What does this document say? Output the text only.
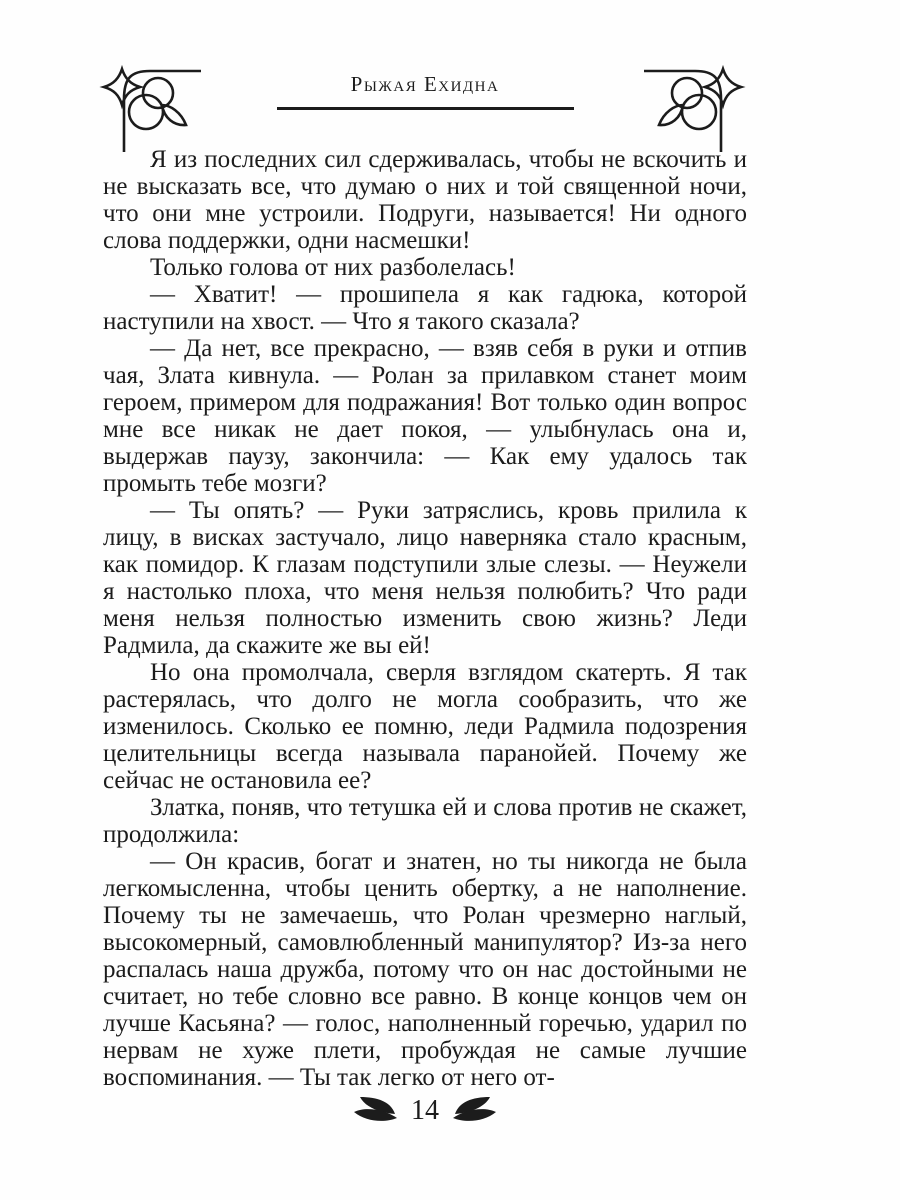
Рыжая Ехидна

Я из последних сил сдерживалась, чтобы не вскочить и не высказать все, что думаю о них и той священной ночи, что они мне устроили. Подруги, называется! Ни одного слова поддержки, одни насмешки!

Только голова от них разболелась!

— Хватит! — прошипела я как гадюка, которой наступили на хвост. — Что я такого сказала?

— Да нет, все прекрасно, — взяв себя в руки и отпив чая, Злата кивнула. — Ролан за прилавком станет моим героем, примером для подражания! Вот только один вопрос мне все никак не дает покоя, — улыбнулась она и, выдержав паузу, закончила: — Как ему удалось так промыть тебе мозги?

— Ты опять? — Руки затряслись, кровь прилила к лицу, в висках застучало, лицо наверняка стало красным, как помидор. К глазам подступили злые слезы. — Неужели я настолько плоха, что меня нельзя полюбить? Что ради меня нельзя полностью изменить свою жизнь? Леди Радмила, да скажите же вы ей!

Но она промолчала, сверля взглядом скатерть. Я так растерялась, что долго не могла сообразить, что же изменилось. Сколько ее помню, леди Радмила подозрения целительницы всегда называла паранойей. Почему же сейчас не остановила ее?

Златка, поняв, что тетушка ей и слова против не скажет, продолжила:

— Он красив, богат и знатен, но ты никогда не была легкомысленна, чтобы ценить обертку, а не наполнение. Почему ты не замечаешь, что Ролан чрезмерно наглый, высокомерный, самовлюбленный манипулятор? Из-за него распалась наша дружба, потому что он нас достойными не считает, но тебе словно все равно. В конце концов чем он лучше Касьяна? — голос, наполненный горечью, ударил по нервам не хуже плети, пробуждая не самые лучшие воспоминания. — Ты так легко от него от-

14
